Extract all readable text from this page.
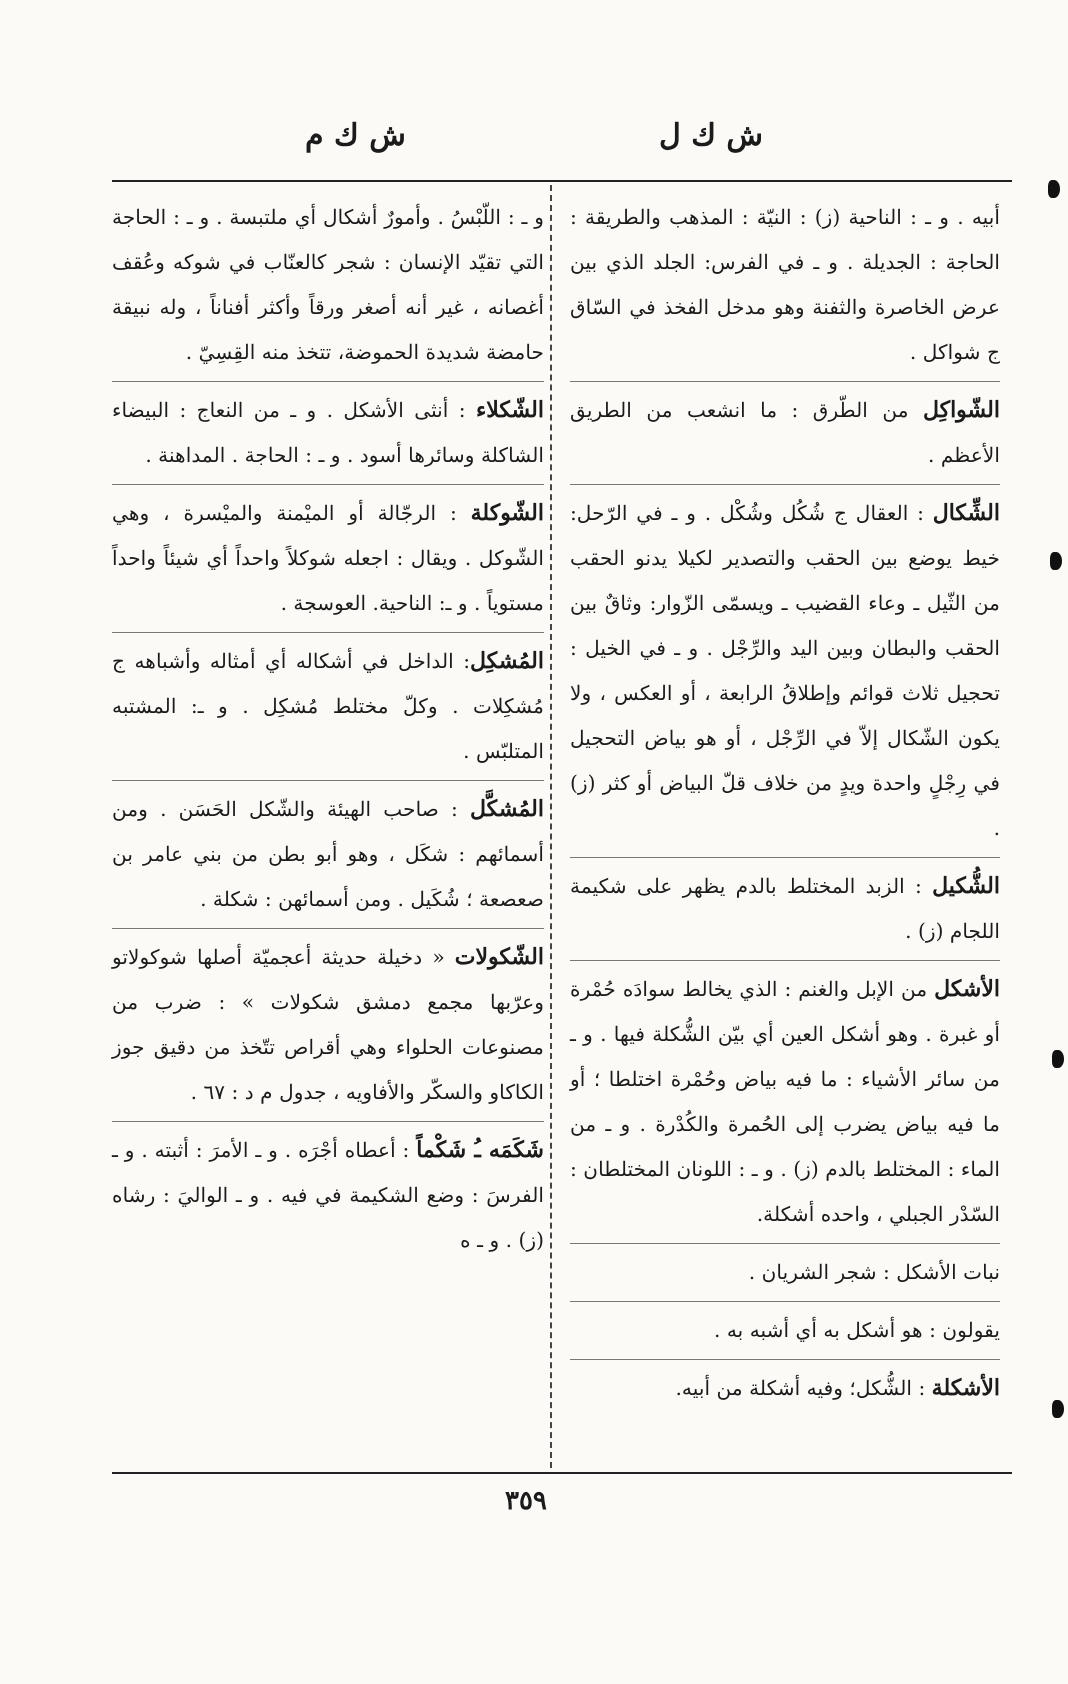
ش ك ل
ش ك م

أبيه . و ـ : الناحية (ز) : النيّة : المذهب والطريقة : الحاجة : الجديلة . و ـ في الفرس: الجلد الذي بين عرض الخاصرة والثفنة وهو مدخل الفخذ في السّاق ج شواكل .

الشّواكِل من الطّرق : ما انشعب من الطريق الأعظم .

الشِّكال : العقال ج شُكُل وشُكْل . و ـ في الرّحل: خيط يوضع بين الحقب والتصدير لكيلا يدنو الحقب من الثّيل ـ وعاء القضيب ـ ويسمّى الزّوار: وثاقٌ بين الحقب والبطان وبين اليد والرِّجْل . و ـ في الخيل : تحجيل ثلاث قوائم وإطلاقُ الرابعة ، أو العكس ، ولا يكون الشّكال إلاّ في الرِّجْل ، أو هو بياض التحجيل في رِجْلٍ واحدة ويدٍ من خلاف قلّ البياض أو كثر (ز) .

الشُّكيل : الزبد المختلط بالدم يظهر على شكيمة اللجام (ز) .

الأشكل من الإبل والغنم : الذي يخالط سوادَه حُمْرة أو غبرة . وهو أشكل العين أي بيّن الشُّكلة فيها . و ـ من سائر الأشياء : ما فيه بياض وحُمْرة اختلطا ؛ أو ما فيه بياض يضرب إلى الحُمرة والكُدْرة . و ـ من الماء : المختلط بالدم (ز) . و ـ : اللونان المختلطان : السّدْر الجبلي ، واحده أشكلة.

نبات الأشكل : شجر الشريان .

يقولون : هو أشكل به أي أشبه به .

الأشكلة : الشُّكل؛ وفيه أشكلة من أبيه.

و ـ : اللّبْسُ . وأمورٌ أشكال أي ملتبسة . و ـ : الحاجة التي تقيّد الإنسان : شجر كالعنّاب في شوكه وعُقف أغصانه ، غير أنه أصغر ورقاً وأكثر أفناناً ، وله نبيقة حامضة شديدة الحموضة، تتخذ منه القِسِيّ .

الشّكلاء : أنثى الأشكل . و ـ من النعاج : البيضاء الشاكلة وسائرها أسود . و ـ : الحاجة . المداهنة .

الشّوكلة : الرجّالة أو الميْمنة والميْسرة ، وهي الشّوكل . ويقال : اجعله شوكلاً واحداً أي شيئاً واحداً مستوياً . و ـ: الناحية. العوسجة .

المُشكِل: الداخل في أشكاله أي أمثاله وأشباهه ج مُشكِلات . وكلّ مختلط مُشكِل . و ـ: المشتبه المتلبّس .

المُشكَّل : صاحب الهيئة والشّكل الحَسَن . ومن أسمائهم : شكَل ، وهو أبو بطن من بني عامر بن صعصعة ؛ شُكَيل . ومن أسمائهن : شكلة .

الشّكولات « دخيلة حديثة أعجميّة أصلها شوكولاتو وعرّبها مجمع دمشق شكولات » : ضرب من مصنوعات الحلواء وهي أقراص تتّخذ من دقيق جوز الكاكاو والسكّر والأفاويه ، جدول م د : ٦٧ .

شَكَمَه ـُ شَكْماً : أعطاه أجْرَه . و ـ الأمرَ : أثبته . و ـ الفرسَ : وضع الشكيمة في فيه . و ـ الواليَ : رشاه (ز) . و ـ ه

٣٥٩
